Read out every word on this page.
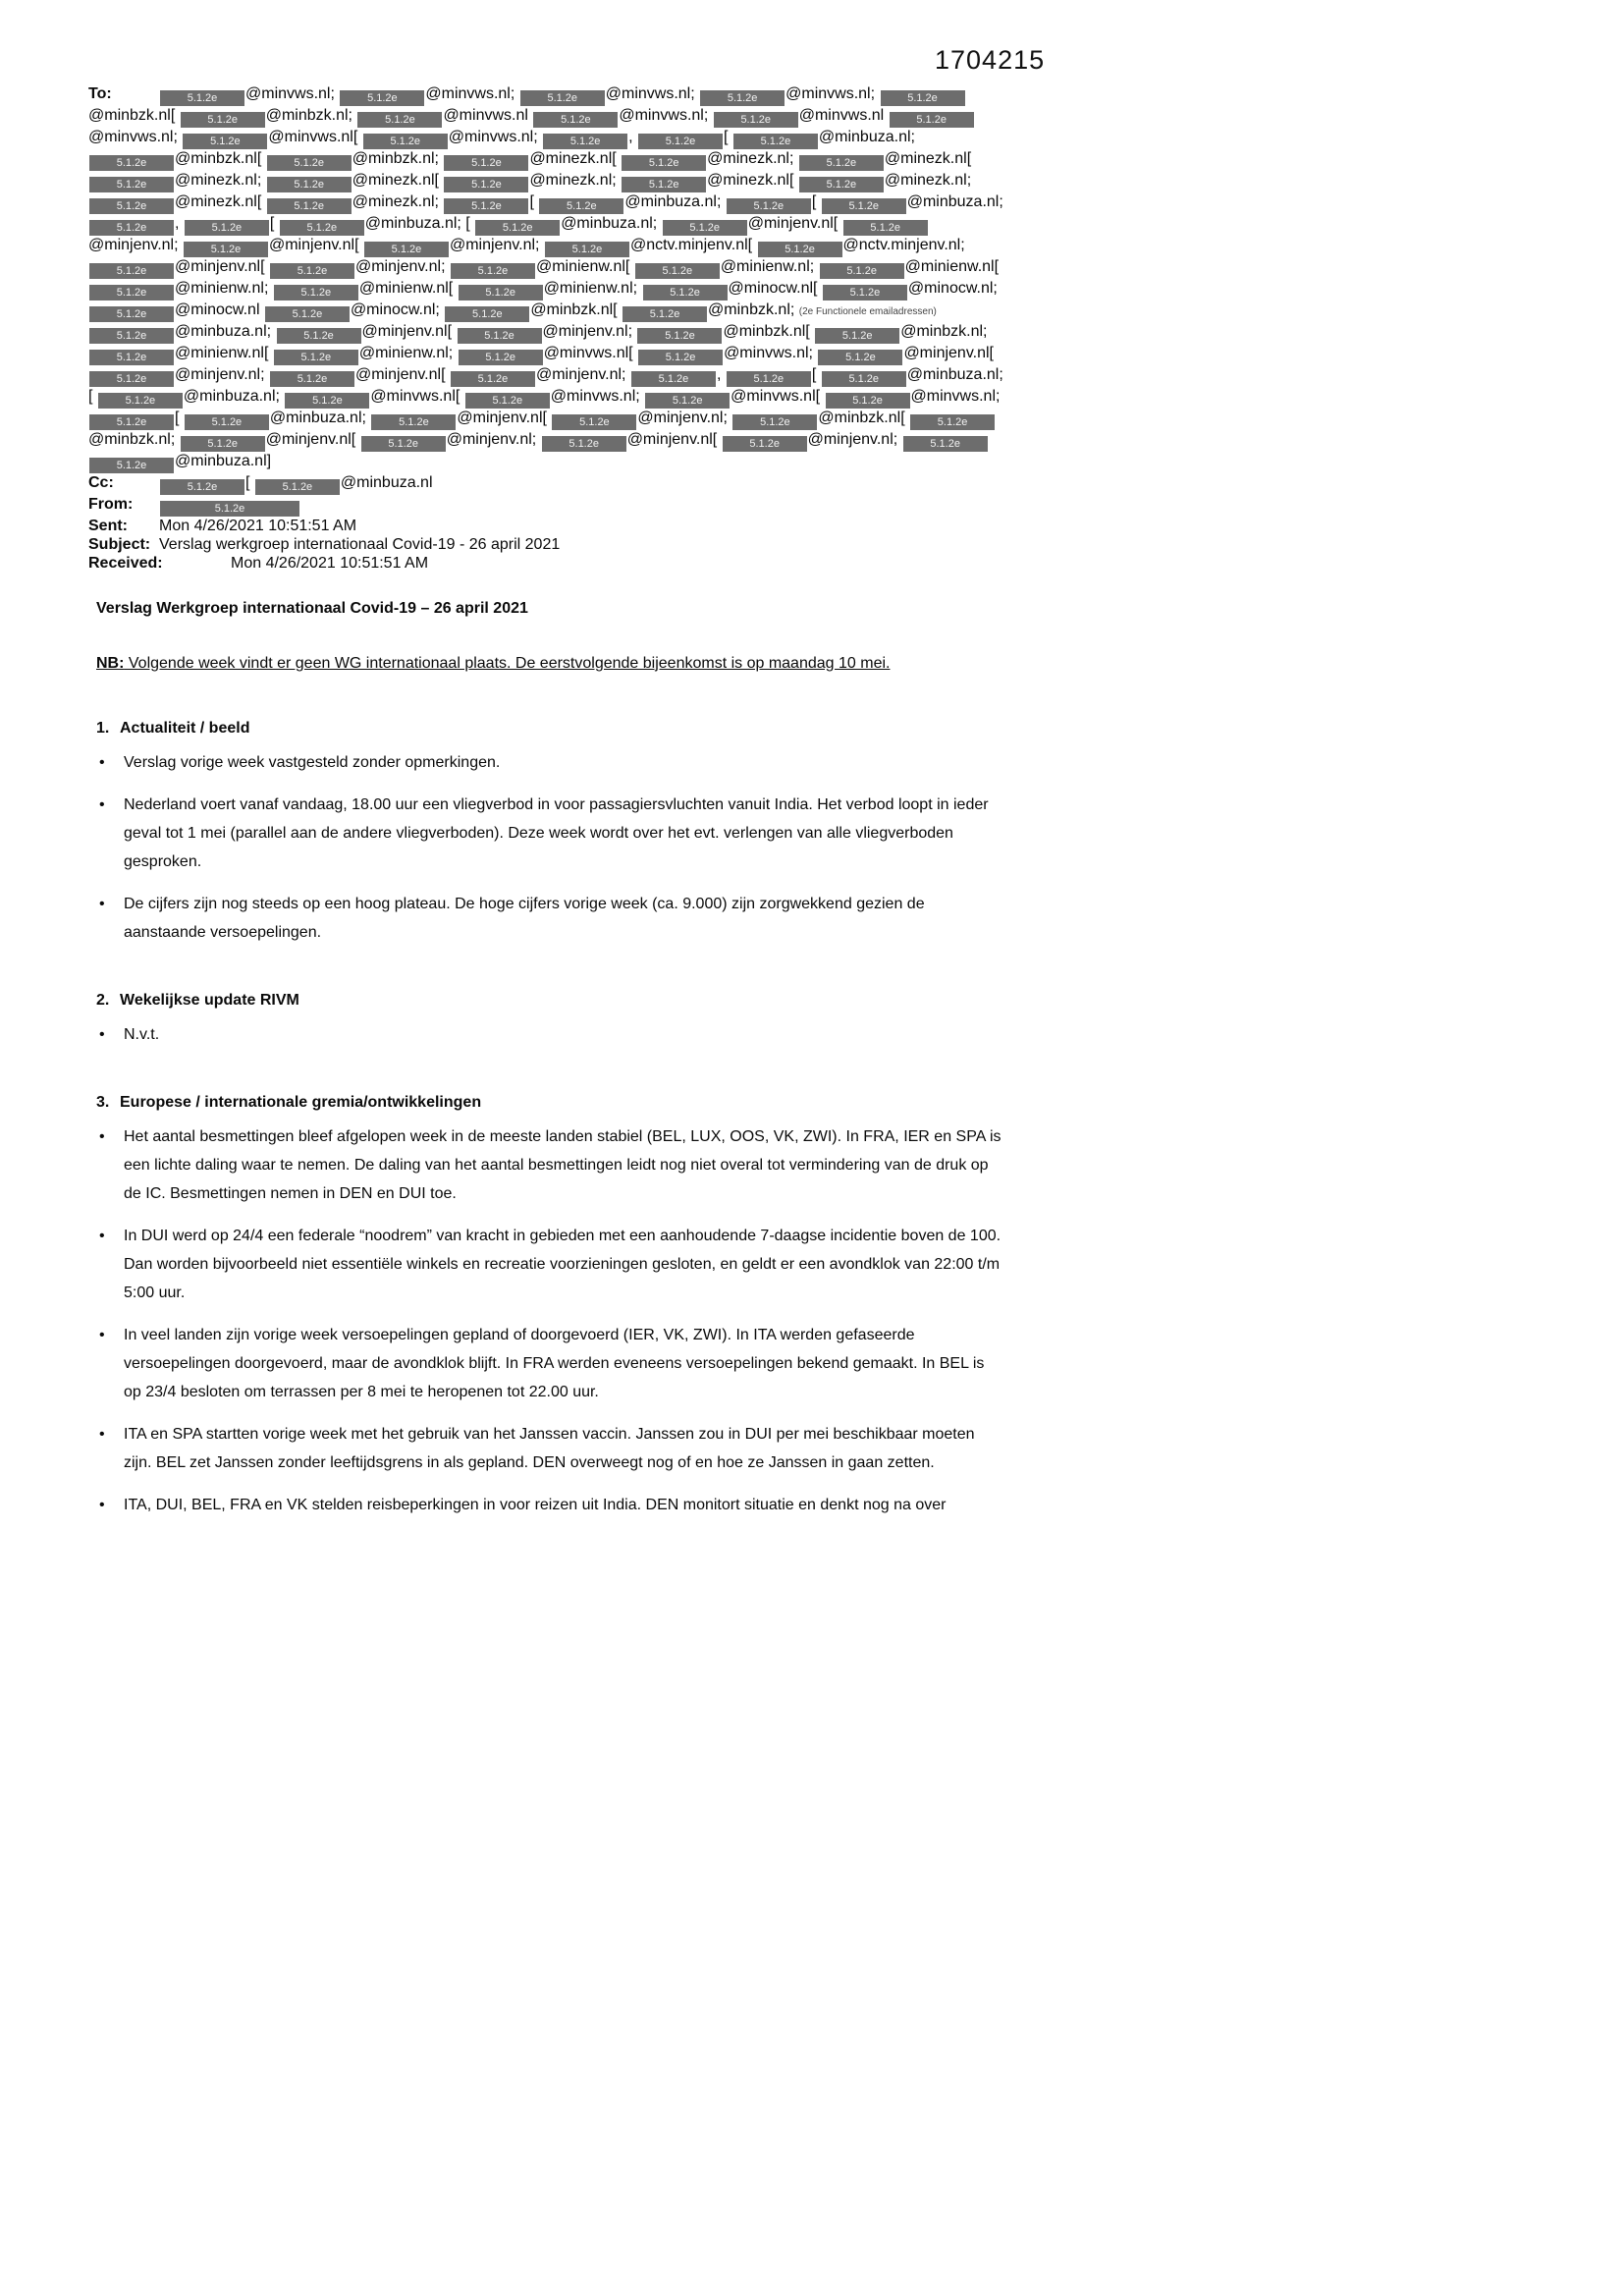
1704215
To:	5.1.2e @minvws.nl;	5.1.2e @minvws.nl;	5.1.2e @minvws.nl;	5.1.2e @minvws.nl;	5.1.2e@minbzk.nl[	5.1.2e @minbzk.nl;	5.1.2e @minvws.nl	5.1.2e @minvws.nl;	5.1.2e @minvws.nl	5.1.2e@minvws.nl;	5.1.2e @minvws.nl[	5.1.2e @minvws.nl;	5.1.2e ,	5.1.2e [	5.1.2e @minbuza.nl; 5.1.2e @minbzk.nl[	5.1.2e @minbzk.nl;	5.1.2e @minezk.nl[	5.1.2e @minezk.nl;	5.1.2e @minezk.nl[ 5.1.2e @minezk.nl;	5.1.2e @minezk.nl[	5.1.2e @minezk.nl;	5.1.2e @minezk.nl[	5.1.2e @minezk.nl; 5.1.2e @minezk.nl[	5.1.2e @minezk.nl;	5.1.2e [	5.1.2e @minbuza.nl;	5.1.2e [	5.1.2e @minbuza.nl; 5.1.2e ,	5.1.2e [	5.1.2e @minbuza.nl; [	5.1.2e @minbuza.nl;	5.1.2e @minjenv.nl[	5.1.2e@minjenv.nl;	5.1.2e @minjenv.nl[	5.1.2e @minjenv.nl;	5.1.2e @nctv.minjenv.nl[	5.1.2e @nctv.minjenv.nl; 5.1.2e @minjenv.nl[	5.1.2e @minjenv.nl;	5.1.2e @minienw.nl[	5.1.2e @minienw.nl;	5.1.2e @minienw.nl[ 5.1.2e @minienw.nl;	5.1.2e @minienw.nl[	5.1.2e @minienw.nl;	5.1.2e @minocw.nl[	5.1.2e @minocw.nl; 5.1.2e @minocw.nl	5.1.2e @minocw.nl;	5.1.2e @minbzk.nl[	5.1.2e @minbzk.nl; (2e Functionele emailadressen) 5.1.2e @minbuza.nl;	5.1.2e @minjenv.nl[	5.1.2e @minjenv.nl;	5.1.2e @minbzk.nl[	5.1.2e @minbzk.nl; 5.1.2e @minienw.nl[	5.1.2e @minienw.nl;	5.1.2e @minvws.nl[	5.1.2e @minvws.nl;	5.1.2e @minjenv.nl[ 5.1.2e @minjenv.nl;	5.1.2e @minjenv.nl[	5.1.2e @minjenv.nl;	5.1.2e ,	5.1.2e [	5.1.2e @minbuza.nl; [	5.1.2e @minbuza.nl;	5.1.2e @minvws.nl[	5.1.2e @minvws.nl;	5.1.2e @minvws.nl[	5.1.2e @minvws.nl; 5.1.2e [	5.1.2e @minbuza.nl;	5.1.2e @minjenv.nl[	5.1.2e @minjenv.nl;	5.1.2e @minbzk.nl[	5.1.2e@minbzk.nl;	5.1.2e @minjenv.nl[	5.1.2e @minjenv.nl;	5.1.2e @minjenv.nl[	5.1.2e @minjenv.nl;	5.1.2e 5.1.2e @minbuza.nl]
Cc:	5.1.2e [	5.1.2e @minbuza.nl
From:	5.1.2e
Sent: Mon 4/26/2021 10:51:51 AM
Subject: Verslag werkgroep internationaal Covid-19 - 26 april 2021
Received:	Mon 4/26/2021 10:51:51 AM
Verslag Werkgroep internationaal Covid-19 – 26 april 2021
NB: Volgende week vindt er geen WG internationaal plaats. De eerstvolgende bijeenkomst is op maandag 10 mei.
1. Actualiteit / beeld
•	Verslag vorige week vastgesteld zonder opmerkingen.
•	Nederland voert vanaf vandaag, 18.00 uur een vliegverbod in voor passagiersvluchten vanuit India. Het verbod loopt in ieder geval tot 1 mei (parallel aan de andere vliegverboden). Deze week wordt over het evt. verlengen van alle vliegverboden gesproken.
•	De cijfers zijn nog steeds op een hoog plateau. De hoge cijfers vorige week (ca. 9.000) zijn zorgwekkend gezien de aanstaande versoepelingen.
2. Wekelijkse update RIVM
•	N.v.t.
3. Europese / internationale gremia/ontwikkelingen
•	Het aantal besmettingen bleef afgelopen week in de meeste landen stabiel (BEL, LUX, OOS, VK, ZWI). In FRA, IER en SPA is een lichte daling waar te nemen. De daling van het aantal besmettingen leidt nog niet overal tot vermindering van de druk op de IC. Besmettingen nemen in DEN en DUI toe.
•	In DUI werd op 24/4 een federale “noodrem” van kracht in gebieden met een aanhoudende 7-daagse incidentie boven de 100. Dan worden bijvoorbeeld niet essentiële winkels en recreatie voorzieningen gesloten, en geldt er een avondklok van 22:00 t/m 5:00 uur.
•	In veel landen zijn vorige week versoepelingen gepland of doorgevoerd (IER, VK, ZWI). In ITA werden gefaseerde versoepelingen doorgevoerd, maar de avondklok blijft. In FRA werden eveneens versoepelingen bekend gemaakt. In BEL is op 23/4 besloten om terrassen per 8 mei te heropenen tot 22.00 uur.
•	ITA en SPA startten vorige week met het gebruik van het Janssen vaccin. Janssen zou in DUI per mei beschikbaar moeten zijn. BEL zet Janssen zonder leeftijdsgrens in als gepland. DEN overweegt nog of en hoe ze Janssen in gaan zetten.
•	ITA, DUI, BEL, FRA en VK stelden reisbeperkingen in voor reizen uit India. DEN monitort situatie en denkt nog na over
